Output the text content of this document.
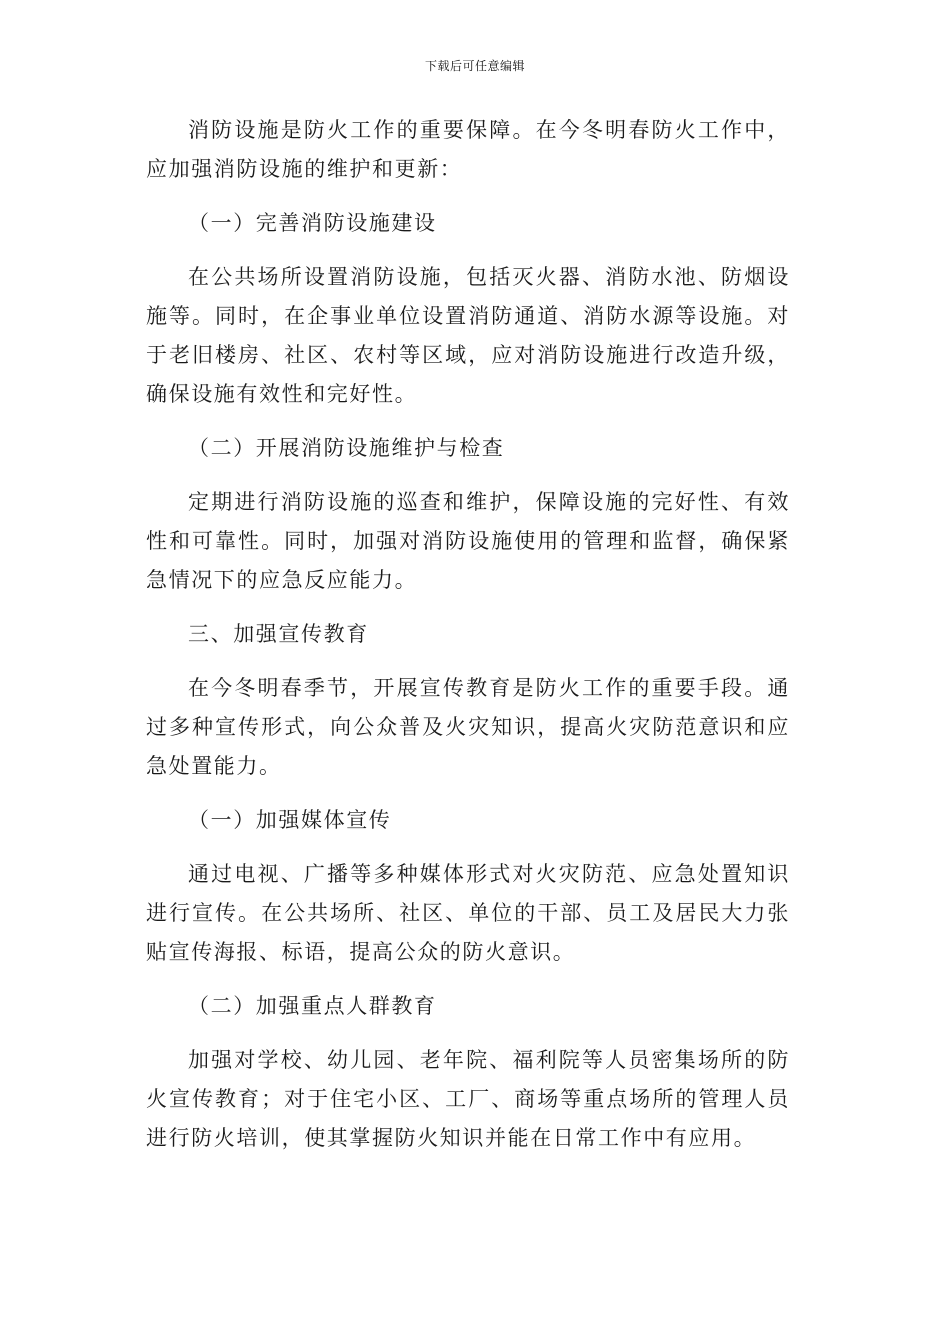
下载后可任意编辑

消防设施是防火工作的重要保障。在今冬明春防火工作中，应加强消防设施的维护和更新：

（一）完善消防设施建设

在公共场所设置消防设施，包括灭火器、消防水池、防烟设施等。同时，在企事业单位设置消防通道、消防水源等设施。对于老旧楼房、社区、农村等区域，应对消防设施进行改造升级，确保设施有效性和完好性。

（二）开展消防设施维护与检查

定期进行消防设施的巡查和维护，保障设施的完好性、有效性和可靠性。同时，加强对消防设施使用的管理和监督，确保紧急情况下的应急反应能力。

三、加强宣传教育

在今冬明春季节，开展宣传教育是防火工作的重要手段。通过多种宣传形式，向公众普及火灾知识，提高火灾防范意识和应急处置能力。

（一）加强媒体宣传

通过电视、广播等多种媒体形式对火灾防范、应急处置知识进行宣传。在公共场所、社区、单位的干部、员工及居民大力张贴宣传海报、标语，提高公众的防火意识。

（二）加强重点人群教育

加强对学校、幼儿园、老年院、福利院等人员密集场所的防火宣传教育；对于住宅小区、工厂、商场等重点场所的管理人员进行防火培训，使其掌握防火知识并能在日常工作中有应用。
